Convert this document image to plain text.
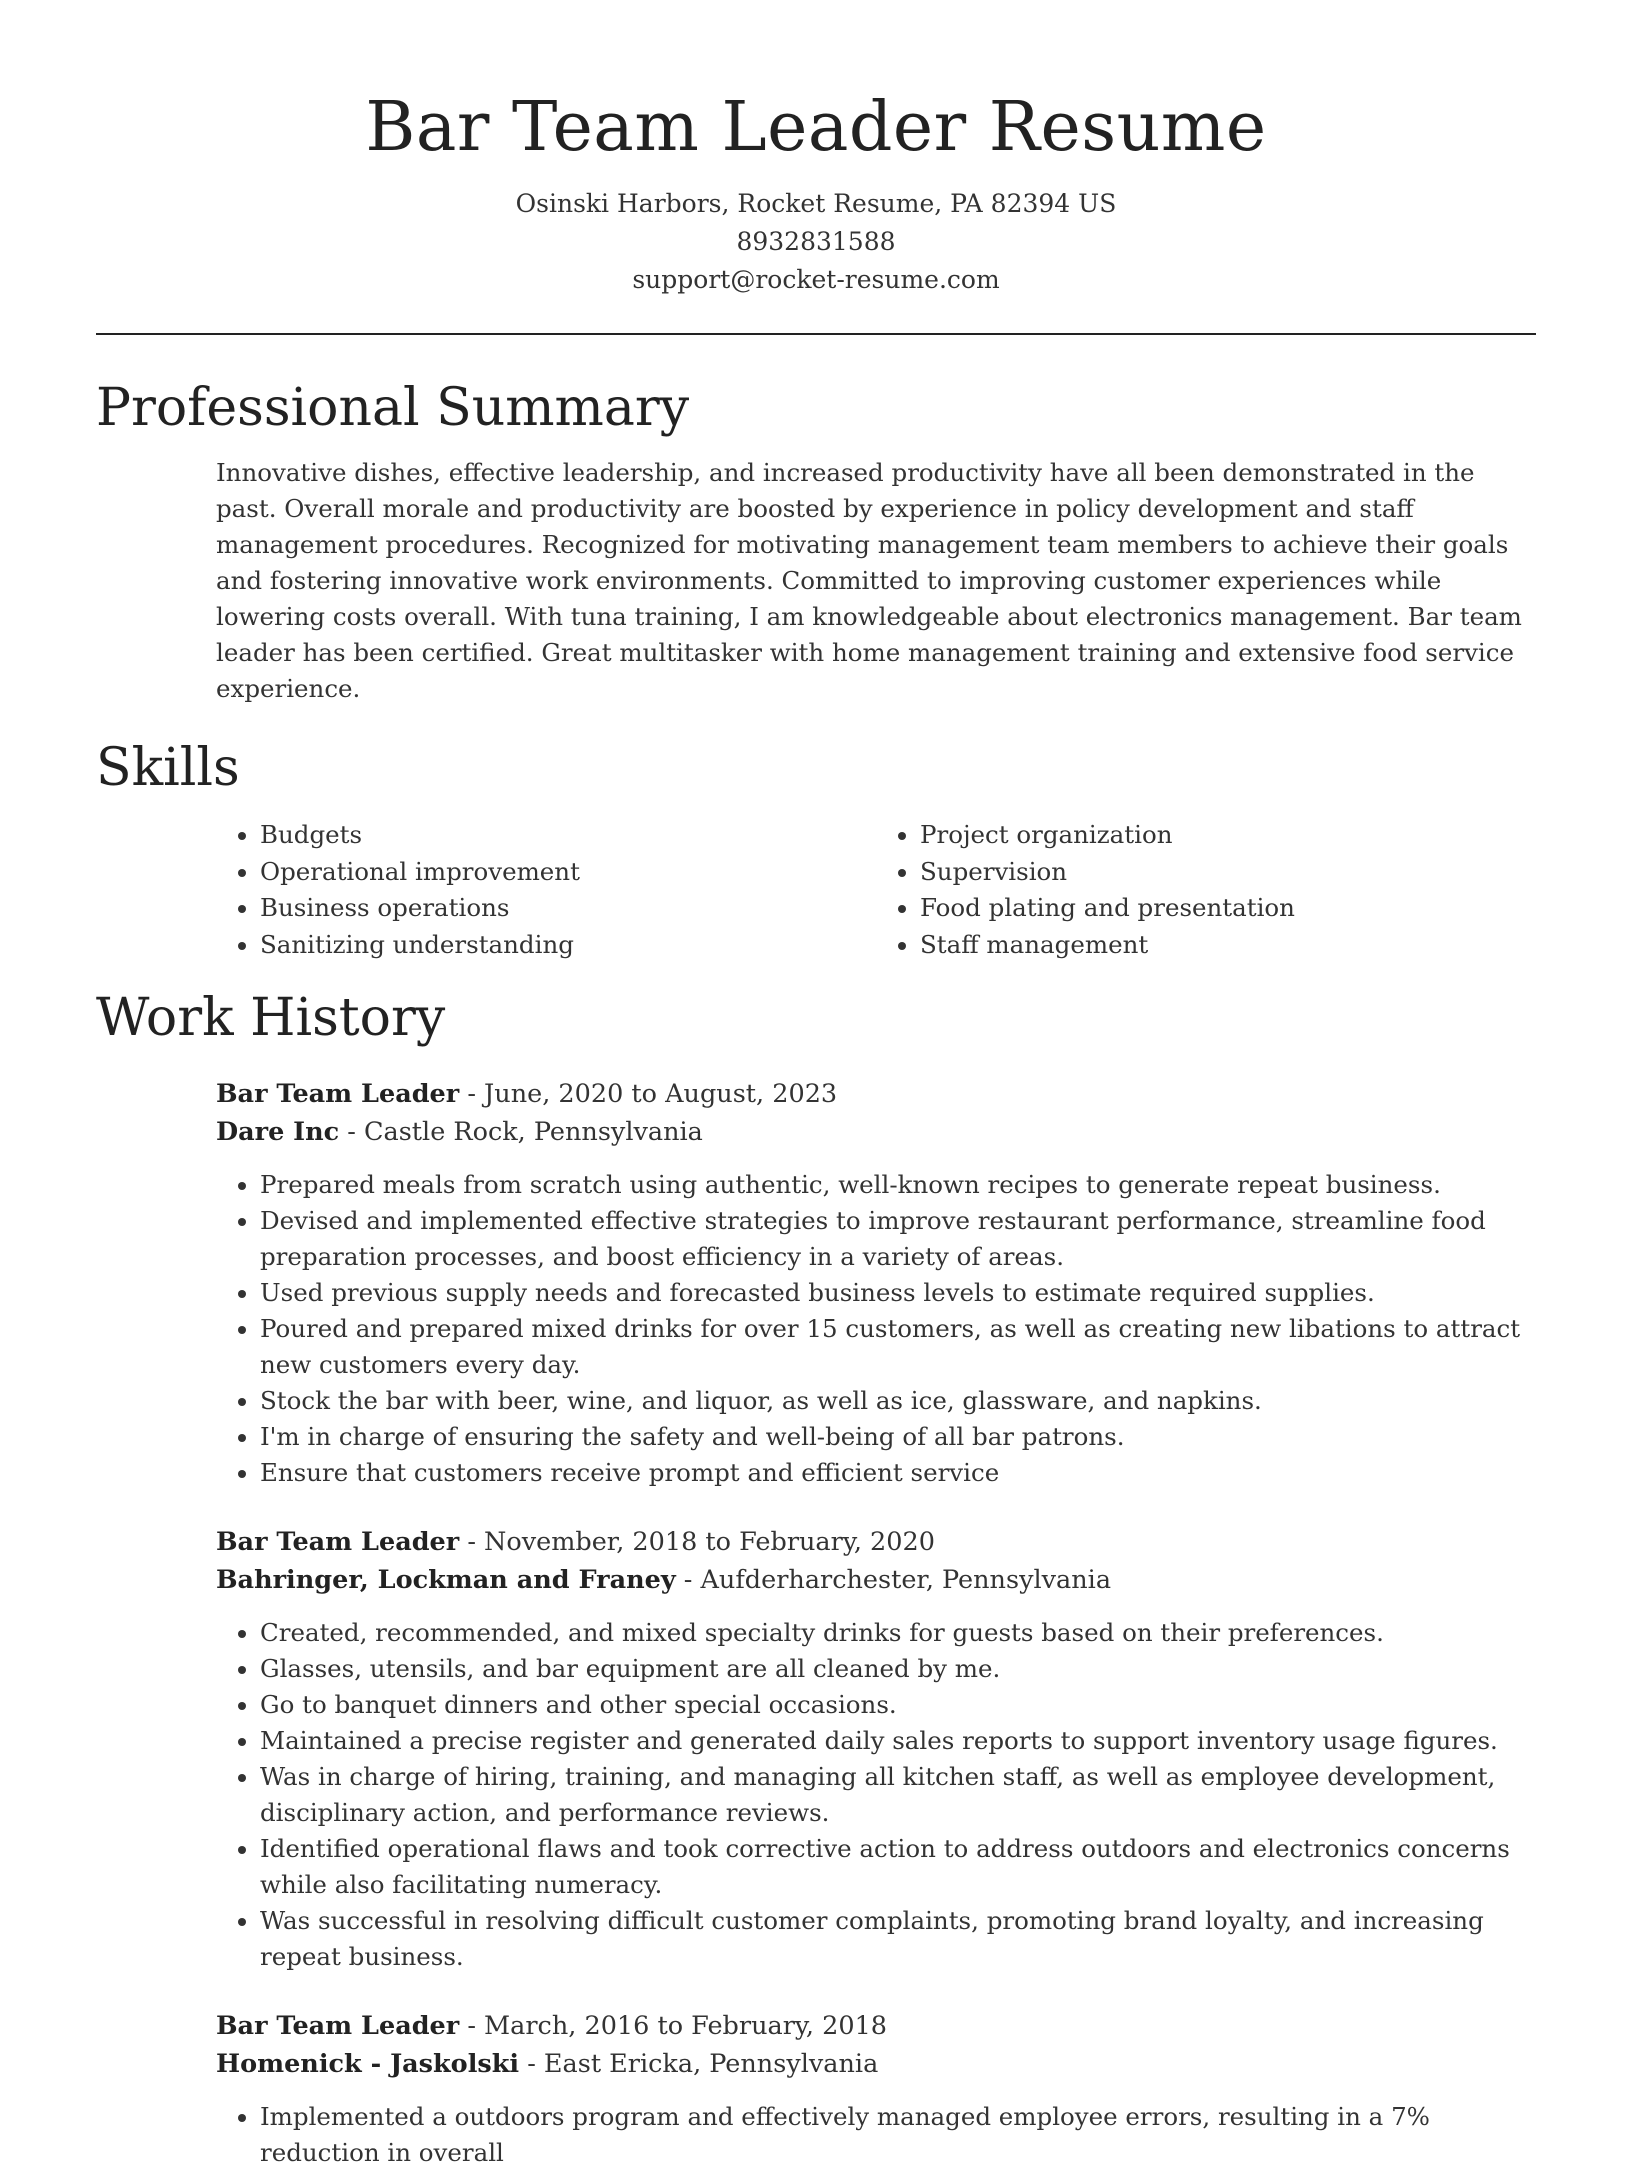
Bar Team Leader Resume
Osinski Harbors, Rocket Resume, PA 82394 US
8932831588
support@rocket-resume.com
Professional Summary
Innovative dishes, effective leadership, and increased productivity have all been demonstrated in the past. Overall morale and productivity are boosted by experience in policy development and staff management procedures. Recognized for motivating management team members to achieve their goals and fostering innovative work environments. Committed to improving customer experiences while lowering costs overall. With tuna training, I am knowledgeable about electronics management. Bar team leader has been certified. Great multitasker with home management training and extensive food service experience.
Skills
• Budgets
• Operational improvement
• Business operations
• Sanitizing understanding
• Project organization
• Supervision
• Food plating and presentation
• Staff management
Work History
Bar Team Leader - June, 2020 to August, 2023
Dare Inc - Castle Rock, Pennsylvania
• Prepared meals from scratch using authentic, well-known recipes to generate repeat business.
• Devised and implemented effective strategies to improve restaurant performance, streamline food preparation processes, and boost efficiency in a variety of areas.
• Used previous supply needs and forecasted business levels to estimate required supplies.
• Poured and prepared mixed drinks for over 15 customers, as well as creating new libations to attract new customers every day.
• Stock the bar with beer, wine, and liquor, as well as ice, glassware, and napkins.
• I'm in charge of ensuring the safety and well-being of all bar patrons.
• Ensure that customers receive prompt and efficient service
Bar Team Leader - November, 2018 to February, 2020
Bahringer, Lockman and Franey - Aufderharchester, Pennsylvania
• Created, recommended, and mixed specialty drinks for guests based on their preferences.
• Glasses, utensils, and bar equipment are all cleaned by me.
• Go to banquet dinners and other special occasions.
• Maintained a precise register and generated daily sales reports to support inventory usage figures.
• Was in charge of hiring, training, and managing all kitchen staff, as well as employee development, disciplinary action, and performance reviews.
• Identified operational flaws and took corrective action to address outdoors and electronics concerns while also facilitating numeracy.
• Was successful in resolving difficult customer complaints, promoting brand loyalty, and increasing repeat business.
Bar Team Leader - March, 2016 to February, 2018
Homenick - Jaskolski - East Ericka, Pennsylvania
• Implemented a outdoors program and effectively managed employee errors, resulting in a 7% reduction in overall
